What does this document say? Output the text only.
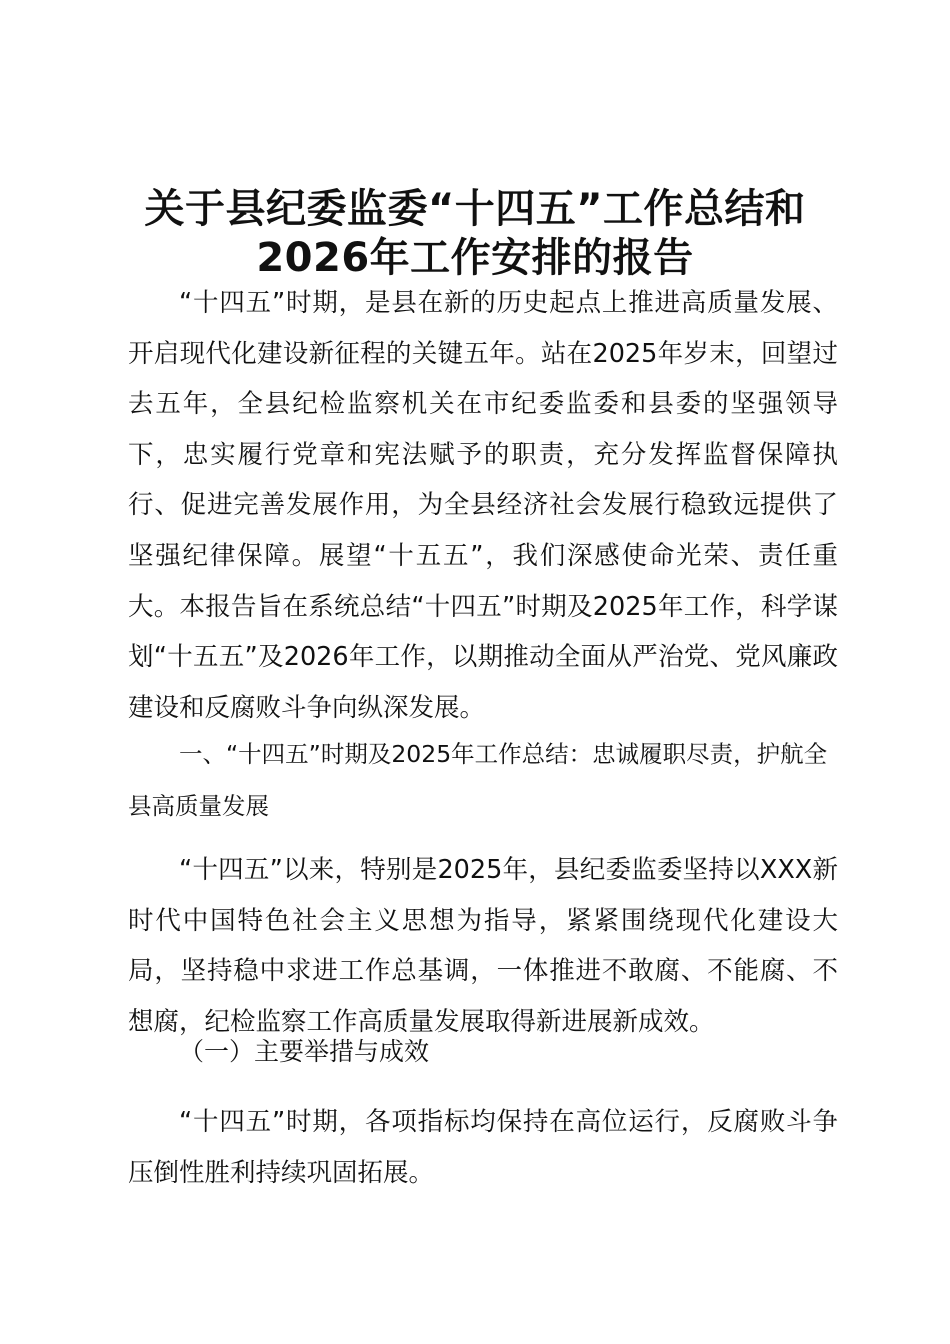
关于县纪委监委“十四五”工作总结和
2026年工作安排的报告

“十四五”时期，是县在新的历史起点上推进高质量发展、开启现代化建设新征程的关键五年。站在2025年岁末，回望过去五年，全县纪检监察机关在市纪委监委和县委的坚强领导下，忠实履行党章和宪法赋予的职责，充分发挥监督保障执行、促进完善发展作用，为全县经济社会发展行稳致远提供了坚强纪律保障。展望“十五五”，我们深感使命光荣、责任重大。本报告旨在系统总结“十四五”时期及2025年工作，科学谋划“十五五”及2026年工作，以期推动全面从严治党、党风廉政建设和反腐败斗争向纵深发展。

一、“十四五”时期及2025年工作总结：忠诚履职尽责，护航全县高质量发展

“十四五”以来，特别是2025年，县纪委监委坚持以XXX新时代中国特色社会主义思想为指导，紧紧围绕现代化建设大局，坚持稳中求进工作总基调，一体推进不敢腐、不能腐、不想腐，纪检监察工作高质量发展取得新进展新成效。

（一）主要举措与成效

“十四五”时期，各项指标均保持在高位运行，反腐败斗争压倒性胜利持续巩固拓展。
